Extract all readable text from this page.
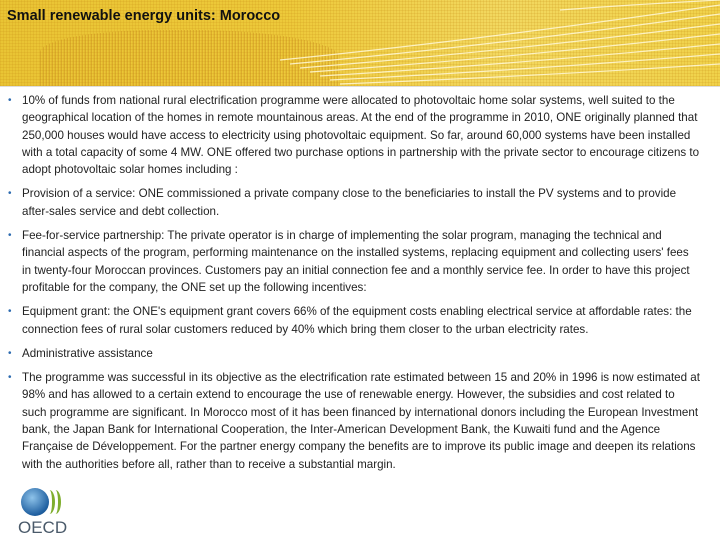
Small renewable energy units: Morocco
• 10% of funds from national rural electrification programme were allocated to photovoltaic home solar systems, well suited to the geographical location of the homes in remote mountainous areas. At the end of the programme in 2010, ONE originally planned that 250,000 houses would have access to electricity using photovoltaic equipment. So far, around 60,000 systems have been installed with a total capacity of some 4 MW. ONE offered two purchase options in partnership with the private sector to encourage citizens to adopt photovoltaic solar homes including :
• Provision of a service: ONE commissioned a private company close to the beneficiaries to install the PV systems and to provide after-sales service and debt collection.
• Fee-for-service partnership: The private operator is in charge of implementing the solar program, managing the technical and financial aspects of the program, performing maintenance on the installed systems, replacing equipment and collecting users' fees in twenty-four Moroccan provinces. Customers pay an initial connection fee and a monthly service fee. In order to have this project profitable for the company, the ONE set up the following incentives:
• Equipment grant: the ONE's equipment grant covers 66% of the equipment costs enabling electrical service at affordable rates: the connection fees of rural solar customers reduced by 40% which bring them closer to the urban electricity rates.
• Administrative assistance
• The programme was successful in its objective as the electrification rate estimated between 15 and 20% in 1996 is now estimated at 98% and has allowed to a certain extend to encourage the use of renewable energy. However, the subsidies and cost related to such programme are significant. In Morocco most of it has been financed by international donors including the European Investment bank, the Japan Bank for International Cooperation, the Inter-American Development Bank, the Kuwaiti fund and the Agence Française de Développement. For the partner energy company the benefits are to improve its public image and deepen its relations with the authorities before all, rather than to receive a substantial margin.
OECD
